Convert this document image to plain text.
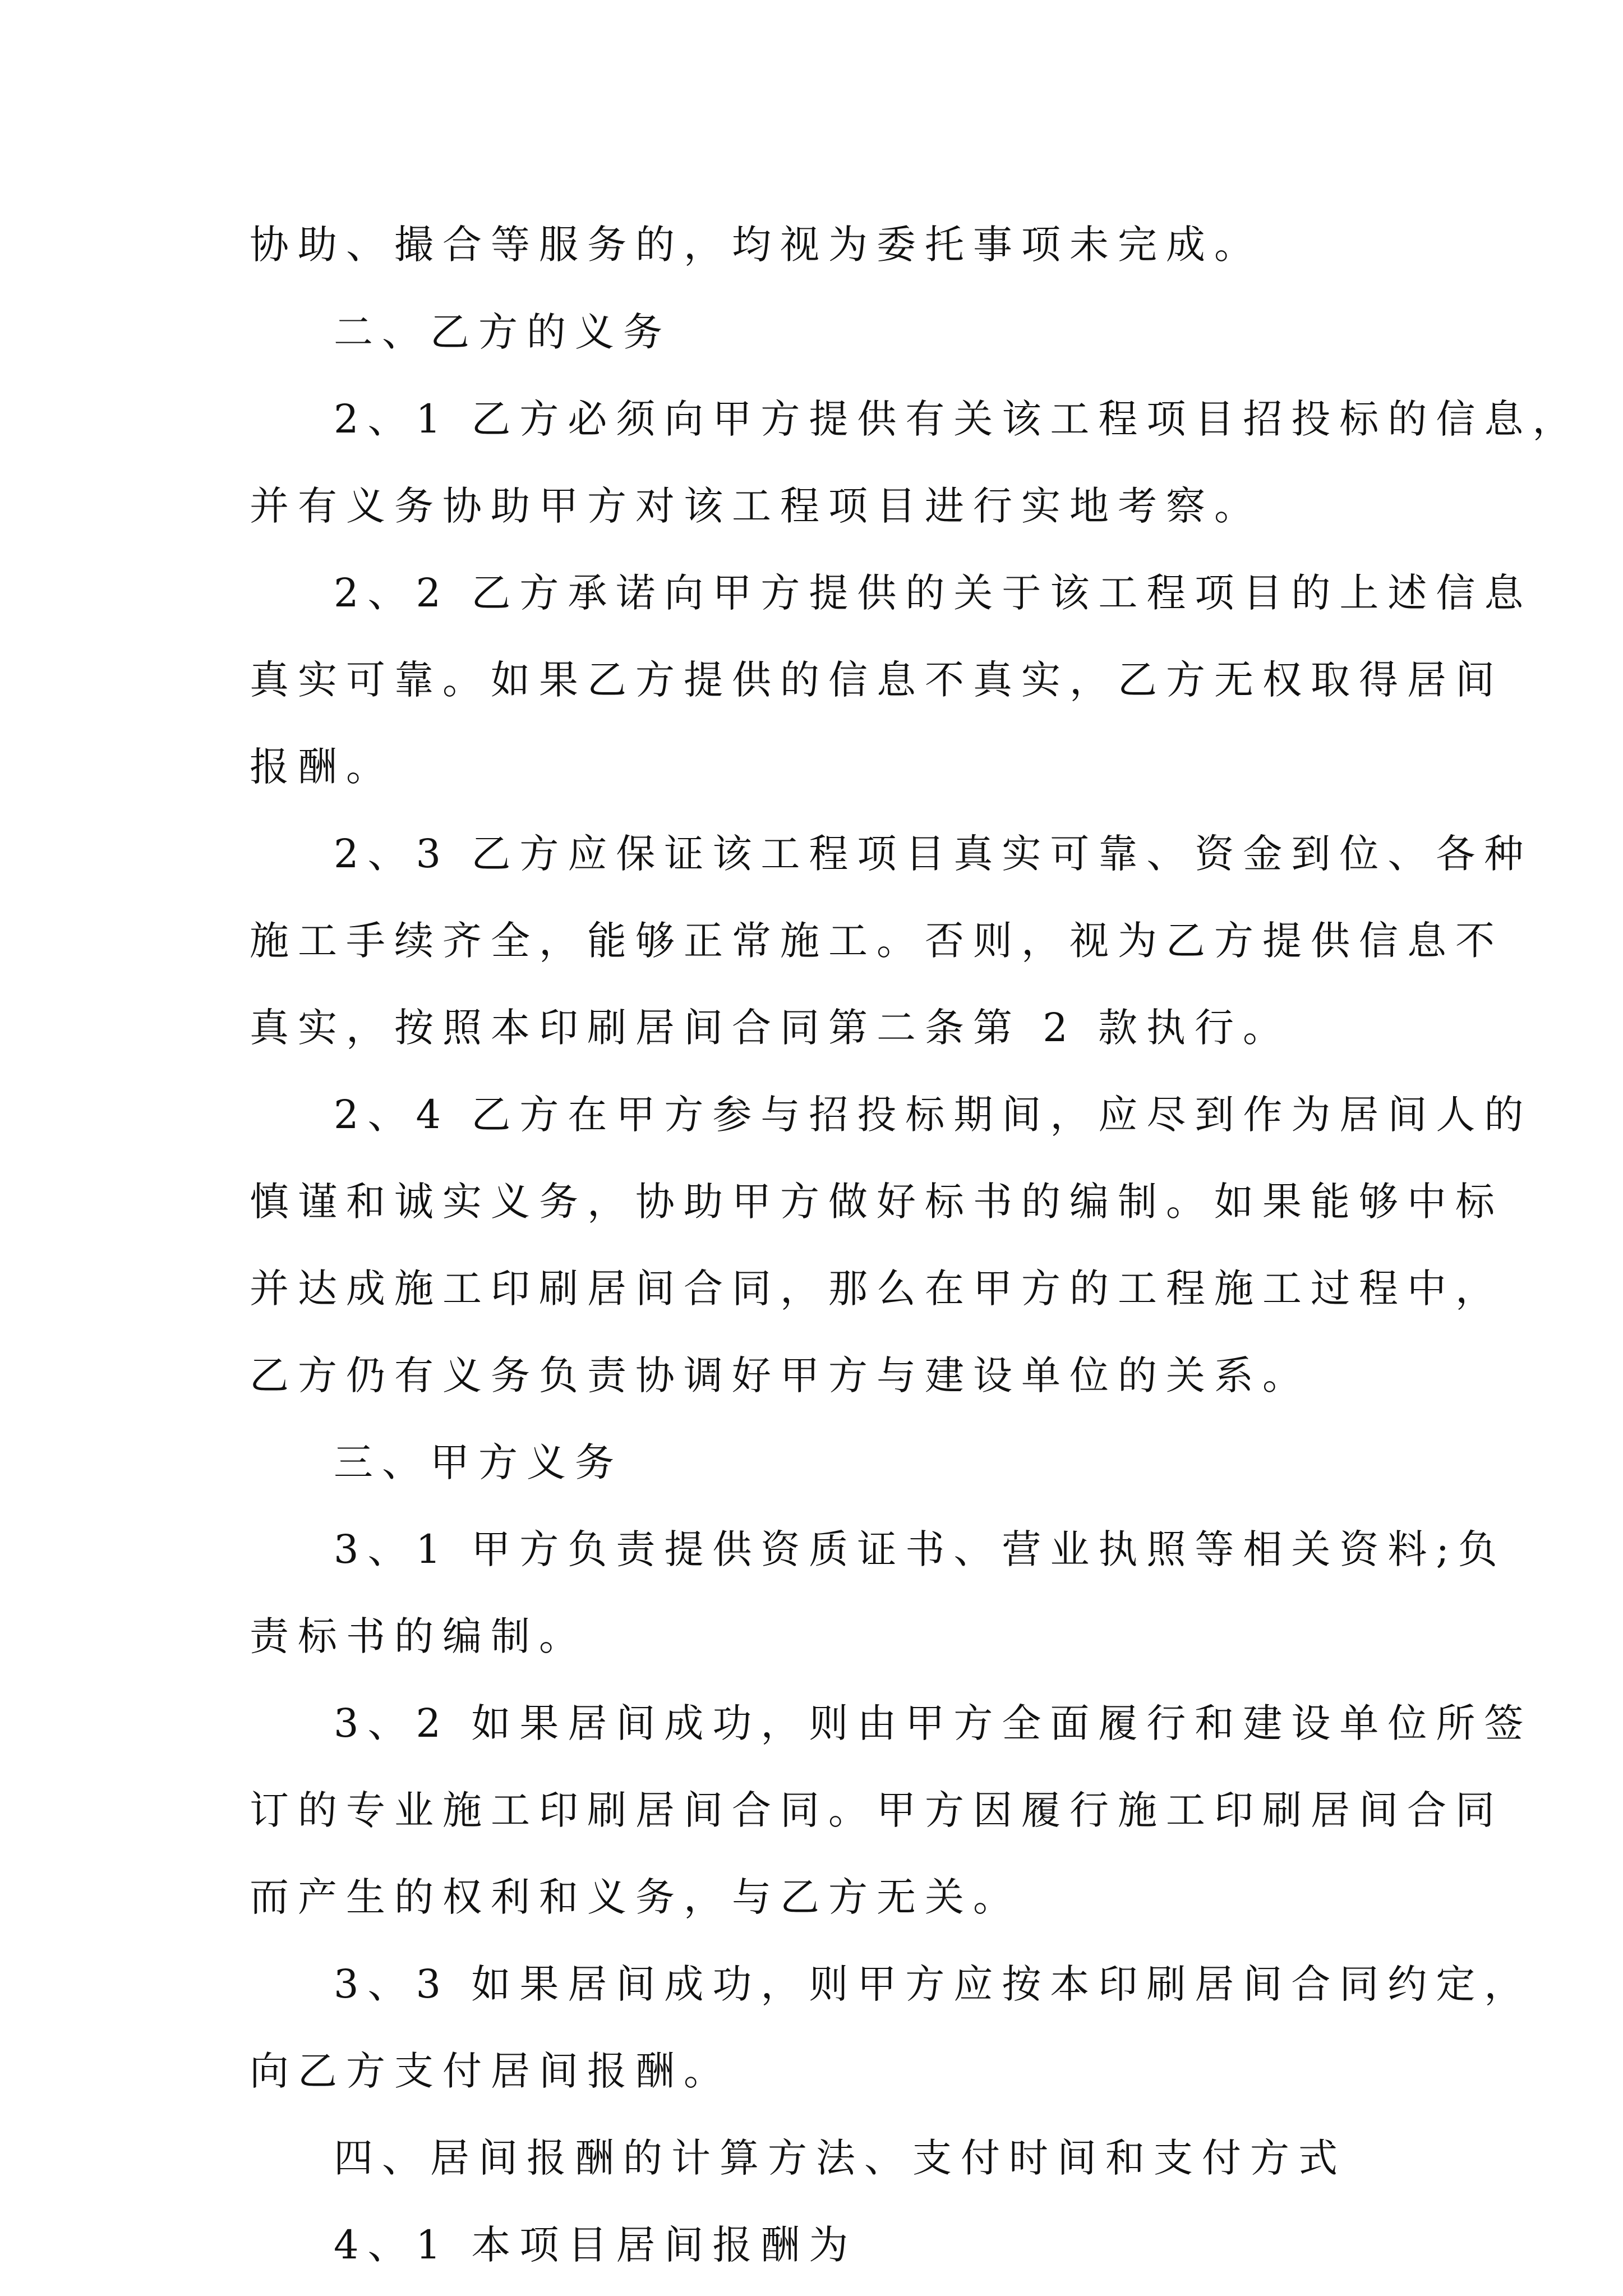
协助、撮合等服务的，均视为委托事项未完成。

二、乙方的义务

2、1 乙方必须向甲方提供有关该工程项目招投标的信息，

并有义务协助甲方对该工程项目进行实地考察。

2、2 乙方承诺向甲方提供的关于该工程项目的上述信息

真实可靠。如果乙方提供的信息不真实，乙方无权取得居间

报酬。

2、3 乙方应保证该工程项目真实可靠、资金到位、各种

施工手续齐全，能够正常施工。否则，视为乙方提供信息不

真实，按照本印刷居间合同第二条第 2 款执行。

2、4 乙方在甲方参与招投标期间，应尽到作为居间人的

慎谨和诚实义务，协助甲方做好标书的编制。如果能够中标

并达成施工印刷居间合同，那么在甲方的工程施工过程中，

乙方仍有义务负责协调好甲方与建设单位的关系。

三、甲方义务

3、1 甲方负责提供资质证书、营业执照等相关资料;负

责标书的编制。

3、2 如果居间成功，则由甲方全面履行和建设单位所签

订的专业施工印刷居间合同。甲方因履行施工印刷居间合同

而产生的权利和义务，与乙方无关。

3、3 如果居间成功，则甲方应按本印刷居间合同约定，

向乙方支付居间报酬。

四、居间报酬的计算方法、支付时间和支付方式

4、1 本项目居间报酬为
